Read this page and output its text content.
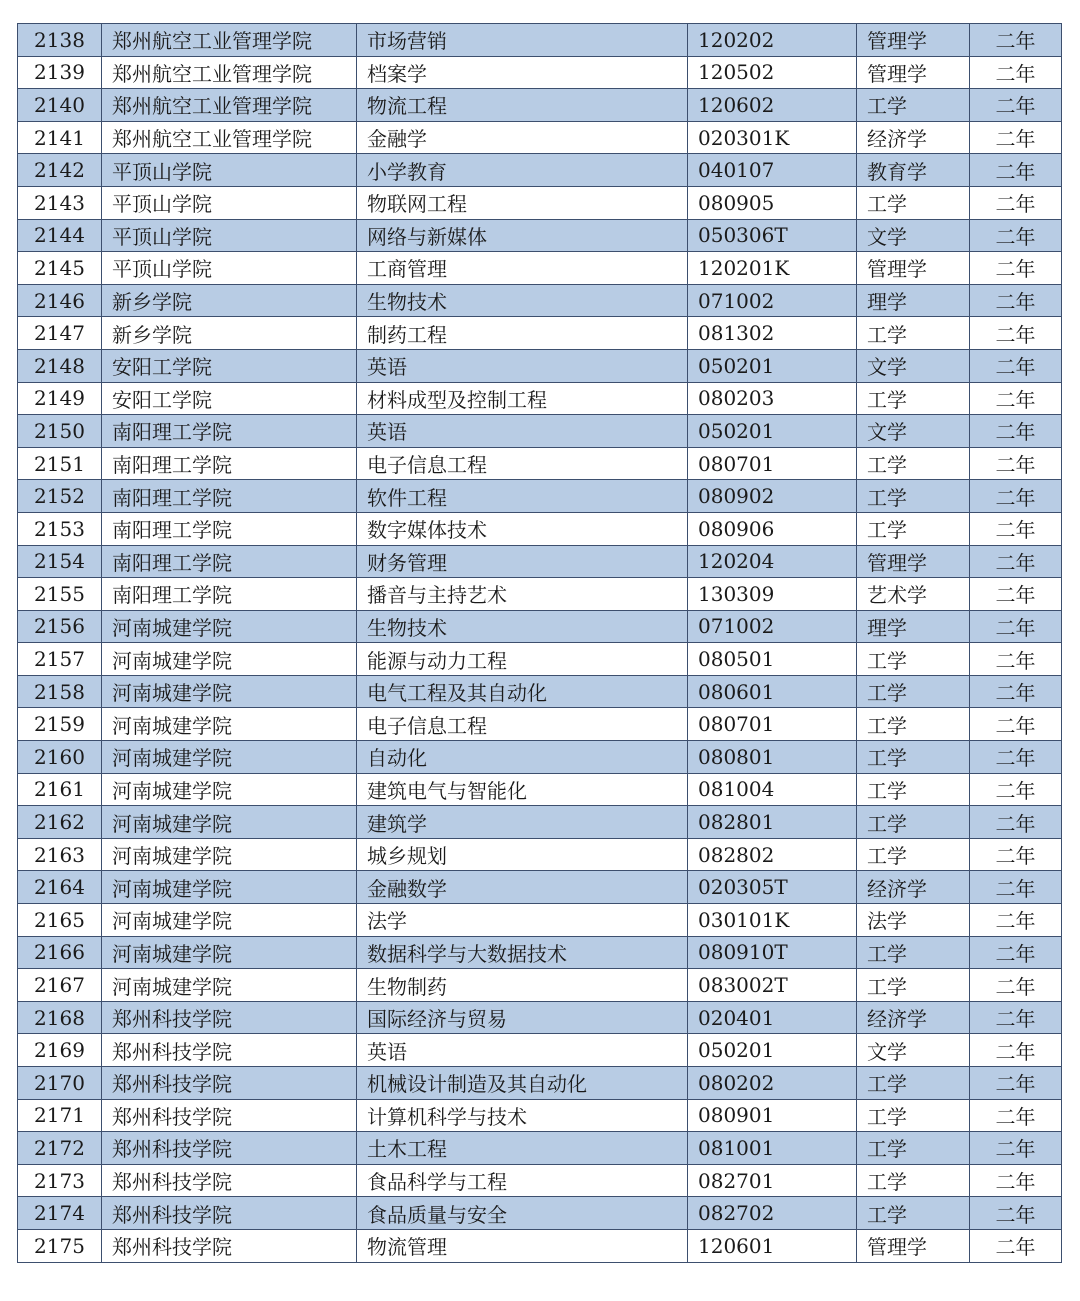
2138	郑州航空工业管理学院	市场营销	120202	管理学	二年
2139	郑州航空工业管理学院	档案学	120502	管理学	二年
2140	郑州航空工业管理学院	物流工程	120602	工学	二年
2141	郑州航空工业管理学院	金融学	020301K	经济学	二年
2142	平顶山学院	小学教育	040107	教育学	二年
2143	平顶山学院	物联网工程	080905	工学	二年
2144	平顶山学院	网络与新媒体	050306T	文学	二年
2145	平顶山学院	工商管理	120201K	管理学	二年
2146	新乡学院	生物技术	071002	理学	二年
2147	新乡学院	制药工程	081302	工学	二年
2148	安阳工学院	英语	050201	文学	二年
2149	安阳工学院	材料成型及控制工程	080203	工学	二年
2150	南阳理工学院	英语	050201	文学	二年
2151	南阳理工学院	电子信息工程	080701	工学	二年
2152	南阳理工学院	软件工程	080902	工学	二年
2153	南阳理工学院	数字媒体技术	080906	工学	二年
2154	南阳理工学院	财务管理	120204	管理学	二年
2155	南阳理工学院	播音与主持艺术	130309	艺术学	二年
2156	河南城建学院	生物技术	071002	理学	二年
2157	河南城建学院	能源与动力工程	080501	工学	二年
2158	河南城建学院	电气工程及其自动化	080601	工学	二年
2159	河南城建学院	电子信息工程	080701	工学	二年
2160	河南城建学院	自动化	080801	工学	二年
2161	河南城建学院	建筑电气与智能化	081004	工学	二年
2162	河南城建学院	建筑学	082801	工学	二年
2163	河南城建学院	城乡规划	082802	工学	二年
2164	河南城建学院	金融数学	020305T	经济学	二年
2165	河南城建学院	法学	030101K	法学	二年
2166	河南城建学院	数据科学与大数据技术	080910T	工学	二年
2167	河南城建学院	生物制药	083002T	工学	二年
2168	郑州科技学院	国际经济与贸易	020401	经济学	二年
2169	郑州科技学院	英语	050201	文学	二年
2170	郑州科技学院	机械设计制造及其自动化	080202	工学	二年
2171	郑州科技学院	计算机科学与技术	080901	工学	二年
2172	郑州科技学院	土木工程	081001	工学	二年
2173	郑州科技学院	食品科学与工程	082701	工学	二年
2174	郑州科技学院	食品质量与安全	082702	工学	二年
2175	郑州科技学院	物流管理	120601	管理学	二年
